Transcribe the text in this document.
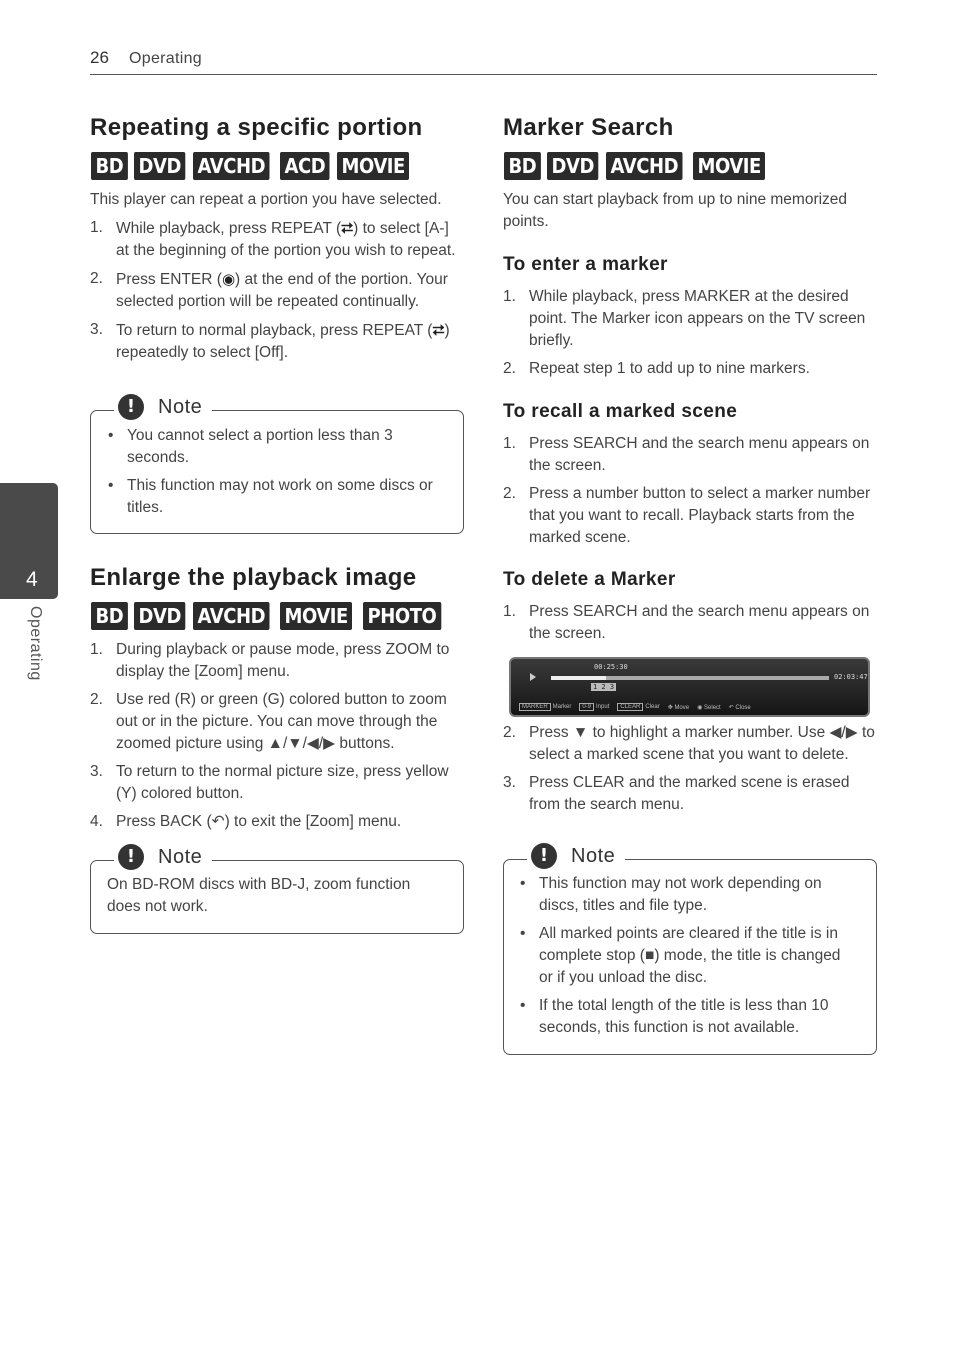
26 Operating
4
Operating
Repeating a specific portion
BD DVD AVCHD ACD MOVIE

This player can repeat a portion you have selected.

1. While playback, press REPEAT (⮂) to select [A-] at the beginning of the portion you wish to repeat.
2. Press ENTER (◉) at the end of the portion. Your selected portion will be repeated continually.
3. To return to normal playback, press REPEAT (⮂) repeatedly to select [Off].
!	Note
• You cannot select a portion less than 3 seconds.
• This function may not work on some discs or titles.
Enlarge the playback image
BD DVD AVCHD MOVIE PHOTO
1. During playback or pause mode, press ZOOM to display the [Zoom] menu.
2. Use red (R) or green (G) colored button to zoom out or in the picture. You can move through the zoomed picture using ▲/▼/◀/▶ buttons.
3. To return to the normal picture size, press yellow (Y) colored button.
4. Press BACK (↶) to exit the [Zoom] menu.
!	Note

On BD-ROM discs with BD-J, zoom function does not work.

Marker Search
BD DVD AVCHD MOVIE

You can start playback from up to nine memorized points.

To enter a marker
1. While playback, press MARKER at the desired point. The Marker icon appears on the TV screen briefly.
2. Repeat step 1 to add up to nine markers.
To recall a marked scene
1. Press SEARCH and the search menu appears on the screen.
2. Press a number button to select a marker number that you want to recall. Playback starts from the marked scene.
To delete a Marker
1. Press SEARCH and the search menu appears on the screen.
00:25:30
02:03:47
1 2 3
MARKER Marker	0-9 Input	CLEAR Clear ✥ Move ◉ Select ↶ Close
2. Press ▼ to highlight a marker number. Use ◀/▶ to select a marked scene that you want to delete.
3. Press CLEAR and the marked scene is erased from the search menu.
!	Note
• This function may not work depending on discs, titles and file type.
• All marked points are cleared if the title is in complete stop (■) mode, the title is changed or if you unload the disc.
• If the total length of the title is less than 10 seconds, this function is not available.
